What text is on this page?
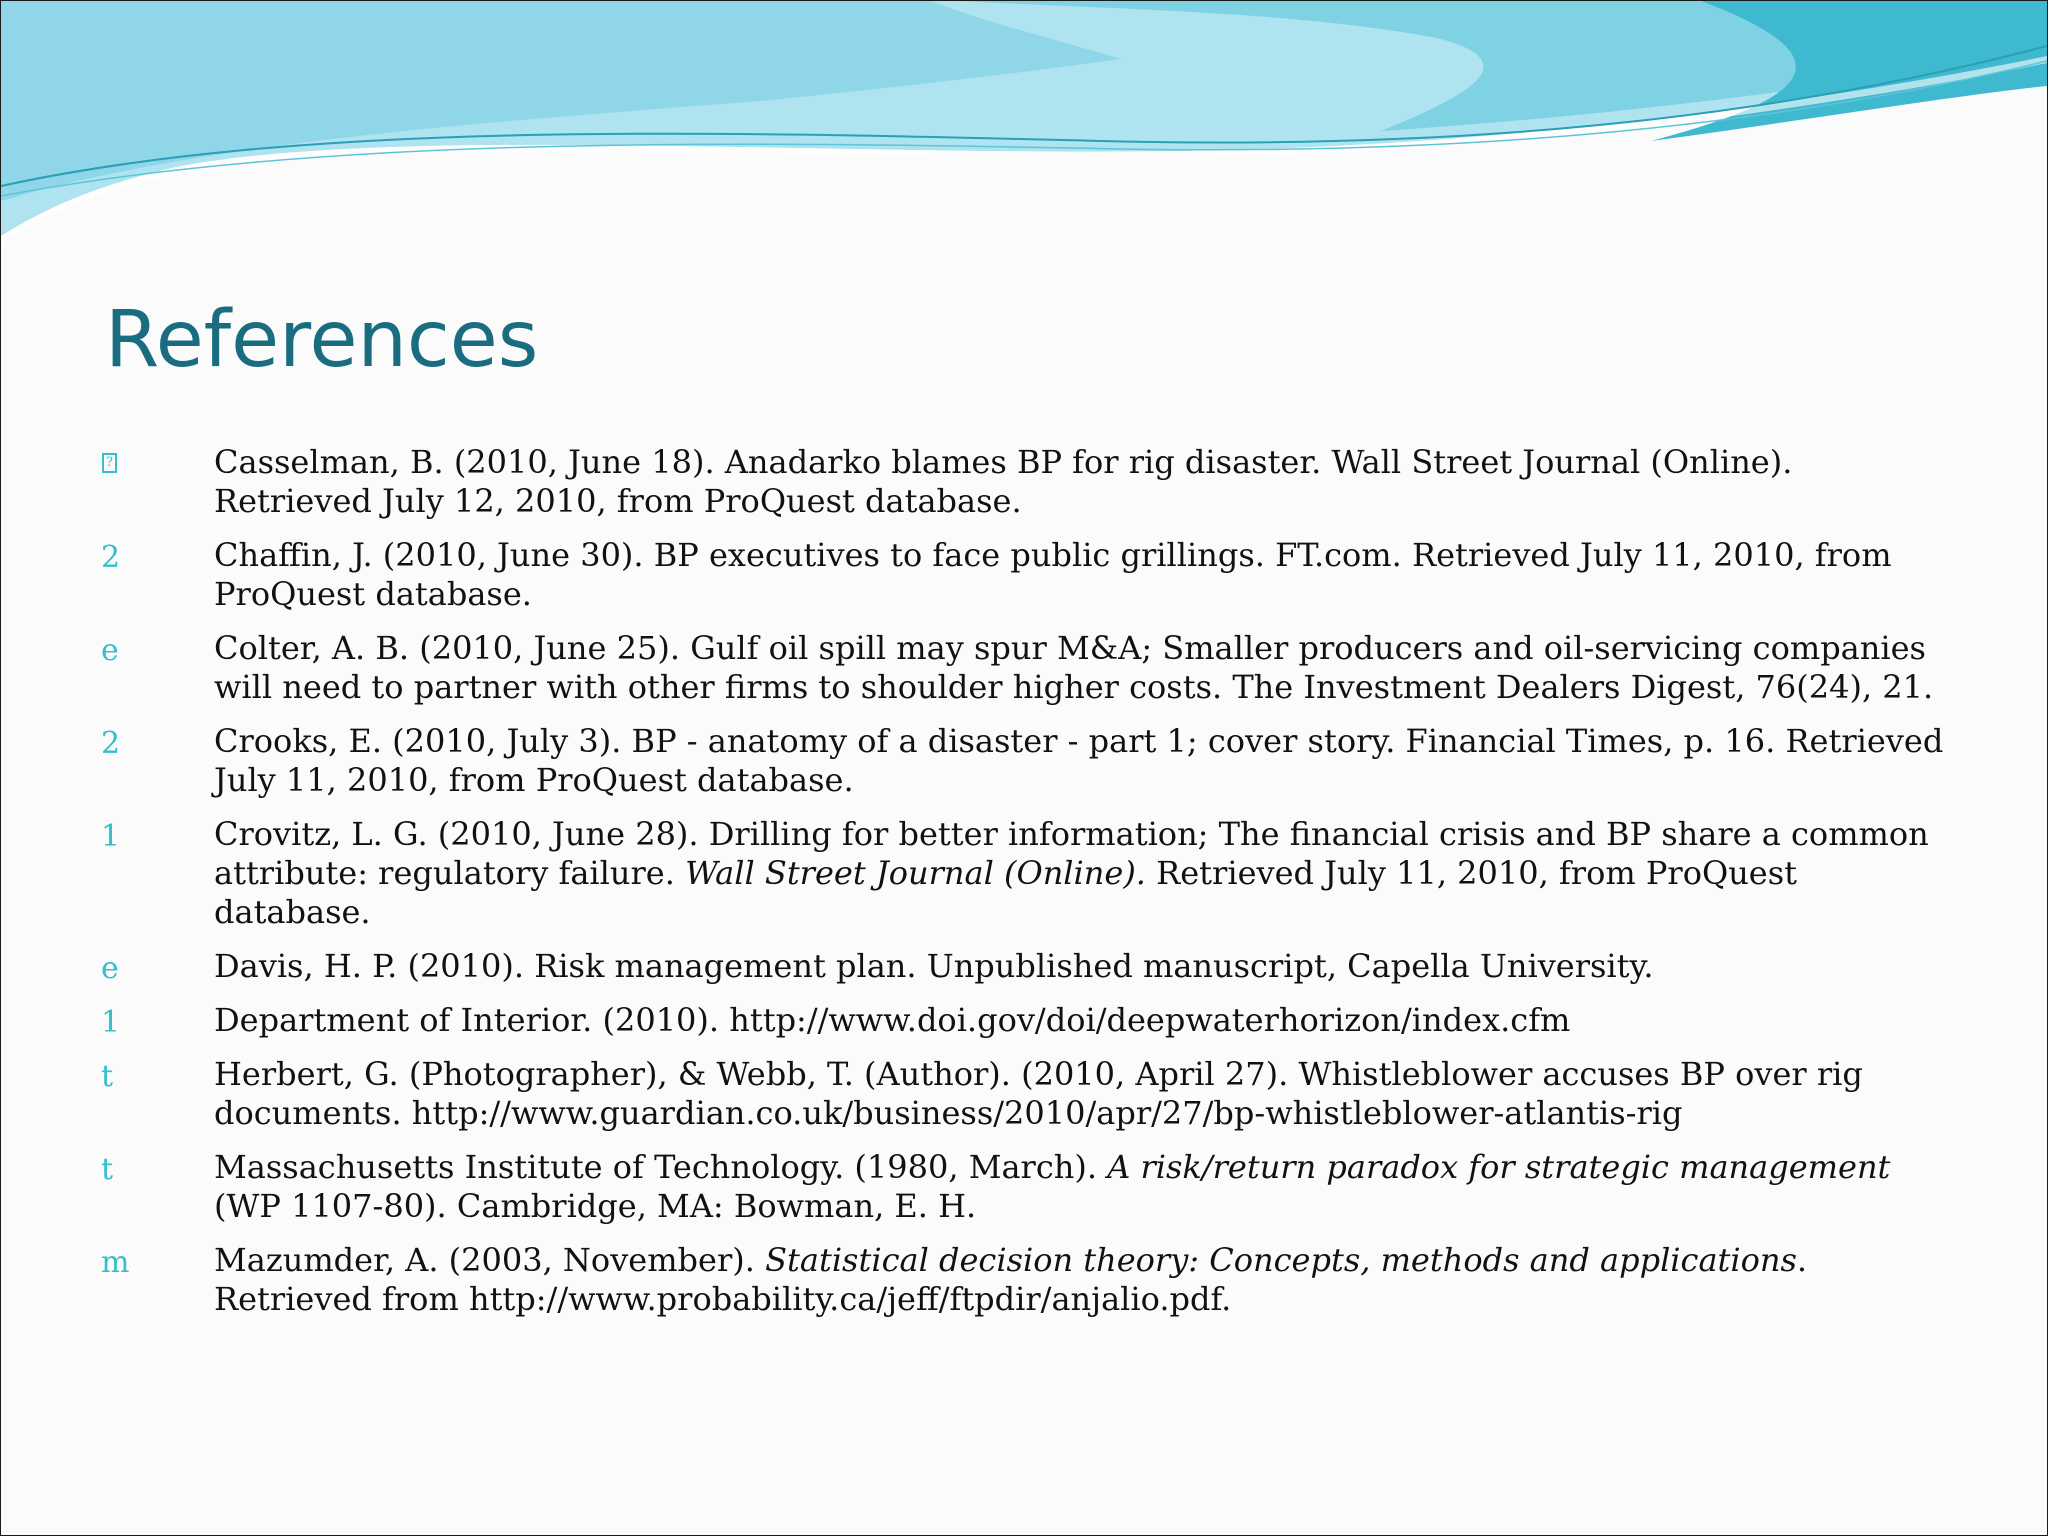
References
?	Casselman, B. (2010, June 18). Anadarko blames BP for rig disaster. Wall Street Journal (Online). Retrieved July 12, 2010, from ProQuest database.
2	Chaffin, J. (2010, June 30). BP executives to face public grillings. FT.com. Retrieved July 11, 2010, from ProQuest database.
e	Colter, A. B. (2010, June 25). Gulf oil spill may spur M&A; Smaller producers and oil-servicing companies will need to partner with other firms to shoulder higher costs. The Investment Dealers Digest, 76(24), 21.
2	Crooks, E. (2010, July 3). BP - anatomy of a disaster - part 1; cover story. Financial Times, p. 16. Retrieved July 11, 2010, from ProQuest database.
1	Crovitz, L. G. (2010, June 28). Drilling for better information; The financial crisis and BP share a common attribute: regulatory failure. Wall Street Journal (Online). Retrieved July 11, 2010, from ProQuest database.
e	Davis, H. P. (2010). Risk management plan. Unpublished manuscript, Capella University.
1	Department of Interior. (2010). http://www.doi.gov/doi/deepwaterhorizon/index.cfm
t	Herbert, G. (Photographer), & Webb, T. (Author). (2010, April 27). Whistleblower accuses BP over rig documents. http://www.guardian.co.uk/business/2010/apr/27/bp-whistleblower-atlantis-rig
t	Massachusetts Institute of Technology. (1980, March). A risk/return paradox for strategic management (WP 1107-80). Cambridge, MA: Bowman, E. H.
m	Mazumder, A. (2003, November). Statistical decision theory: Concepts, methods and applications. Retrieved from http://www.probability.ca/jeff/ftpdir/anjalio.pdf.
